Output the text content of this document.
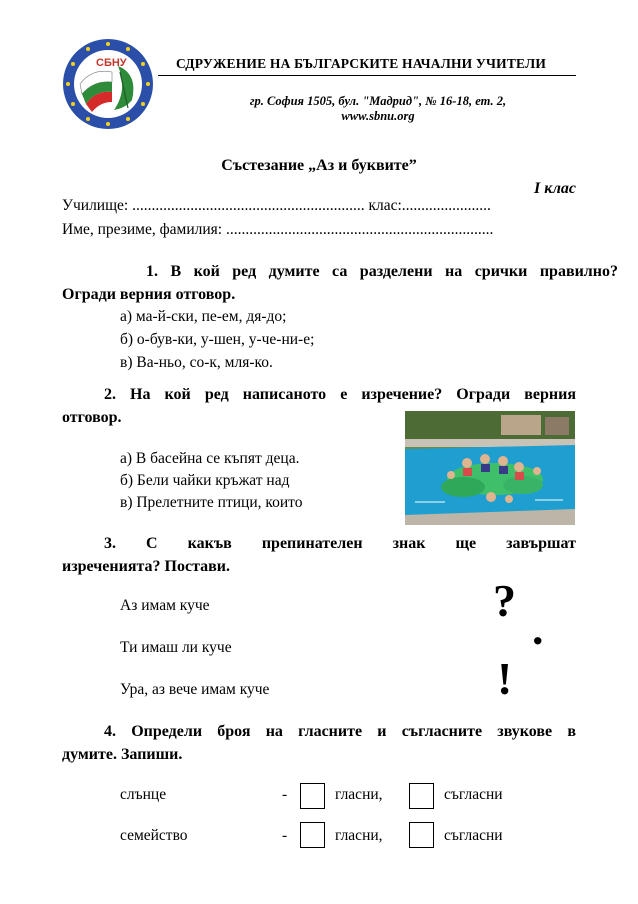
СБНУ	СДРУЖЕНИЕ НА БЪЛГАРСКИТЕ НАЧАЛНИ УЧИТЕЛИ
гр. София 1505, бул. "Мадрид", № 16-18, ет. 2,
www.sbnu.org
Състезание „Аз и буквите”
I клас
Училище: ............................................................ клас:.......................
Име, презиме, фамилия: .....................................................................
1. В кой ред думите са разделени на срички правилно?
Огради верния отговор.
а) ма-й-ски, пе-ем, дя-до;
б) о-був-ки, у-шен, у-че-ни-е;
в) Ва-ньо, со-к, мля-ко.
2. На кой ред написаното е изречение? Огради верния
отговор.
а) В басейна се къпят деца.
б) Бели чайки кръжат над
в) Прелетните птици, които
3. С какъв препинателен знак ще завършат
изреченията? Постави.
Аз имам куче
Ти имаш ли куче
Ура, аз вече имам куче
?
.
!
4. Определи броя на гласните и съгласните звукове в
думите. Запиши.
слънце	-	гласни,	съгласни
семейство	-	гласни,	съгласни
